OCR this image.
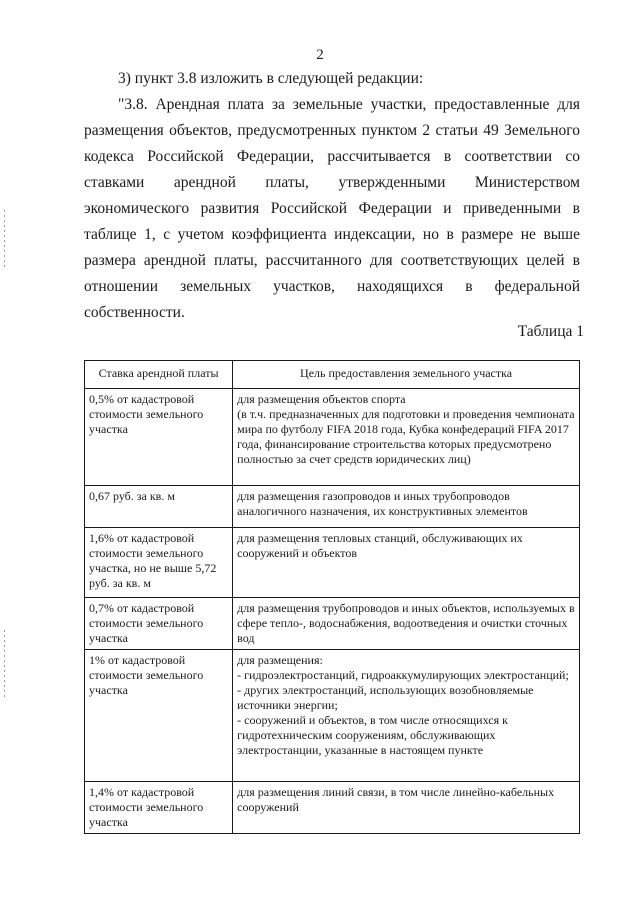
2
3) пункт 3.8 изложить в следующей редакции:
"3.8. Арендная плата за земельные участки, предоставленные для
размещения объектов, предусмотренных пунктом 2 статьи 49 Земельного
кодекса Российской Федерации, рассчитывается в соответствии со
ставками арендной платы, утвержденными Министерством
экономического развития Российской Федерации и приведенными в
таблице 1, с учетом коэффициента индексации, но в размере не выше
размера арендной платы, рассчитанного для соответствующих целей в
отношении земельных участков, находящихся в федеральной
собственности.
Таблица 1
Ставка арендной платы	Цель предоставления земельного участка
0,5% от кадастровой стоимости земельного участка	для размещения объектов спорта
(в т.ч. предназначенных для подготовки и проведения чемпионата мира по футболу FIFA 2018 года, Кубка конфедераций FIFA 2017 года, финансирование строительства которых предусмотрено полностью за счет средств юридических лиц)

0,67 руб. за кв. м	для размещения газопроводов и иных трубопроводов аналогичного назначения, их конструктивных элементов

1,6% от кадастровой стоимости земельного участка, но не выше 5,72 руб. за кв. м	для размещения тепловых станций, обслуживающих их сооружений и объектов

0,7% от кадастровой стоимости земельного участка	для размещения трубопроводов и иных объектов, используемых в сфере тепло-, водоснабжения, водоотведения и очистки сточных вод

1% от кадастровой стоимости земельного участка	для размещения:
- гидроэлектростанций, гидроаккумулирующих электростанций;
- других электростанций, использующих возобновляемые источники энергии;
- сооружений и объектов, в том числе относящихся к гидротехническим сооружениям, обслуживающих электростанции, указанные в настоящем пункте

1,4% от кадастровой стоимости земельного участка	для размещения линий связи, в том числе линейно-кабельных сооружений
